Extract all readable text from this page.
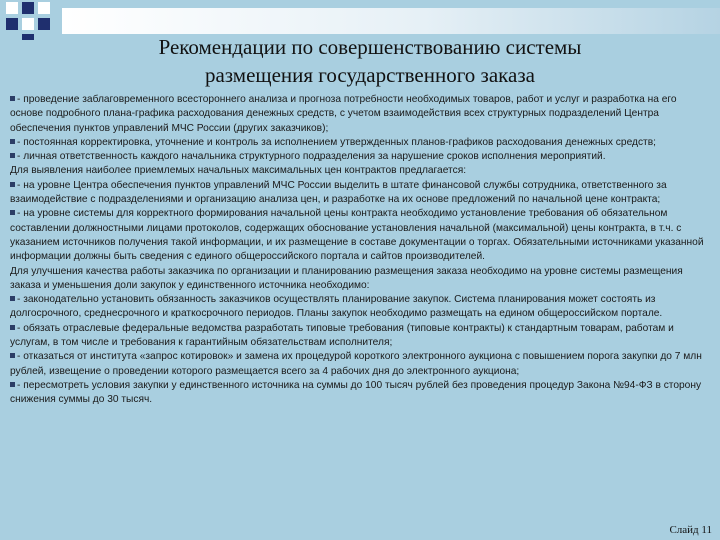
Рекомендации по совершенствованию системы
размещения государственного заказа
- проведение заблаговременного всестороннего анализа и прогноза потребности необходимых товаров, работ и услуг и разработка на его основе подробного плана-графика расходования денежных средств, с учетом взаимодействия всех структурных подразделений Центра обеспечения пунктов управлений МЧС России (других заказчиков);
- постоянная корректировка, уточнение и контроль за исполнением утвержденных планов-графиков расходования денежных средств;
- личная ответственность каждого начальника структурного подразделения за нарушение сроков исполнения мероприятий.
Для выявления наиболее приемлемых начальных максимальных цен контрактов предлагается:
- на уровне Центра обеспечения пунктов управлений МЧС России выделить в штате финансовой службы сотрудника, ответственного за взаимодействие с подразделениями и организацию анализа цен, и разработке на их основе предложений по начальной цене контракта;
- на уровне системы для корректного формирования начальной цены контракта необходимо установление требования об обязательном составлении должностными лицами протоколов, содержащих обоснование установления начальной (максимальной) цены контракта, в т.ч. с указанием источников получения такой информации, и их размещение в составе документации о торгах. Обязательными источниками указанной информации должны быть сведения с единого общероссийского портала и сайтов производителей.
Для улучшения качества работы заказчика по организации и планированию размещения заказа необходимо на уровне системы размещения заказа и уменьшения доли закупок у единственного источника необходимо:
- законодательно установить обязанность заказчиков осуществлять планирование закупок. Система планирования может состоять из долгосрочного, среднесрочного и краткосрочного периодов. Планы закупок необходимо размещать на едином общероссийском портале.
- обязать отраслевые федеральные ведомства разработать типовые требования (типовые контракты) к стандартным товарам, работам и услугам, в том числе и требования к гарантийным обязательствам исполнителя;
- отказаться от института «запрос котировок» и замена их процедурой короткого электронного аукциона с повышением порога закупки до 7 млн рублей, извещение о проведении которого размещается всего за 4 рабочих дня до электронного аукциона;
- пересмотреть условия закупки у единственного источника на суммы до 100 тысяч рублей без проведения процедур Закона №94-ФЗ в сторону снижения суммы до 30 тысяч.
Слайд 11
